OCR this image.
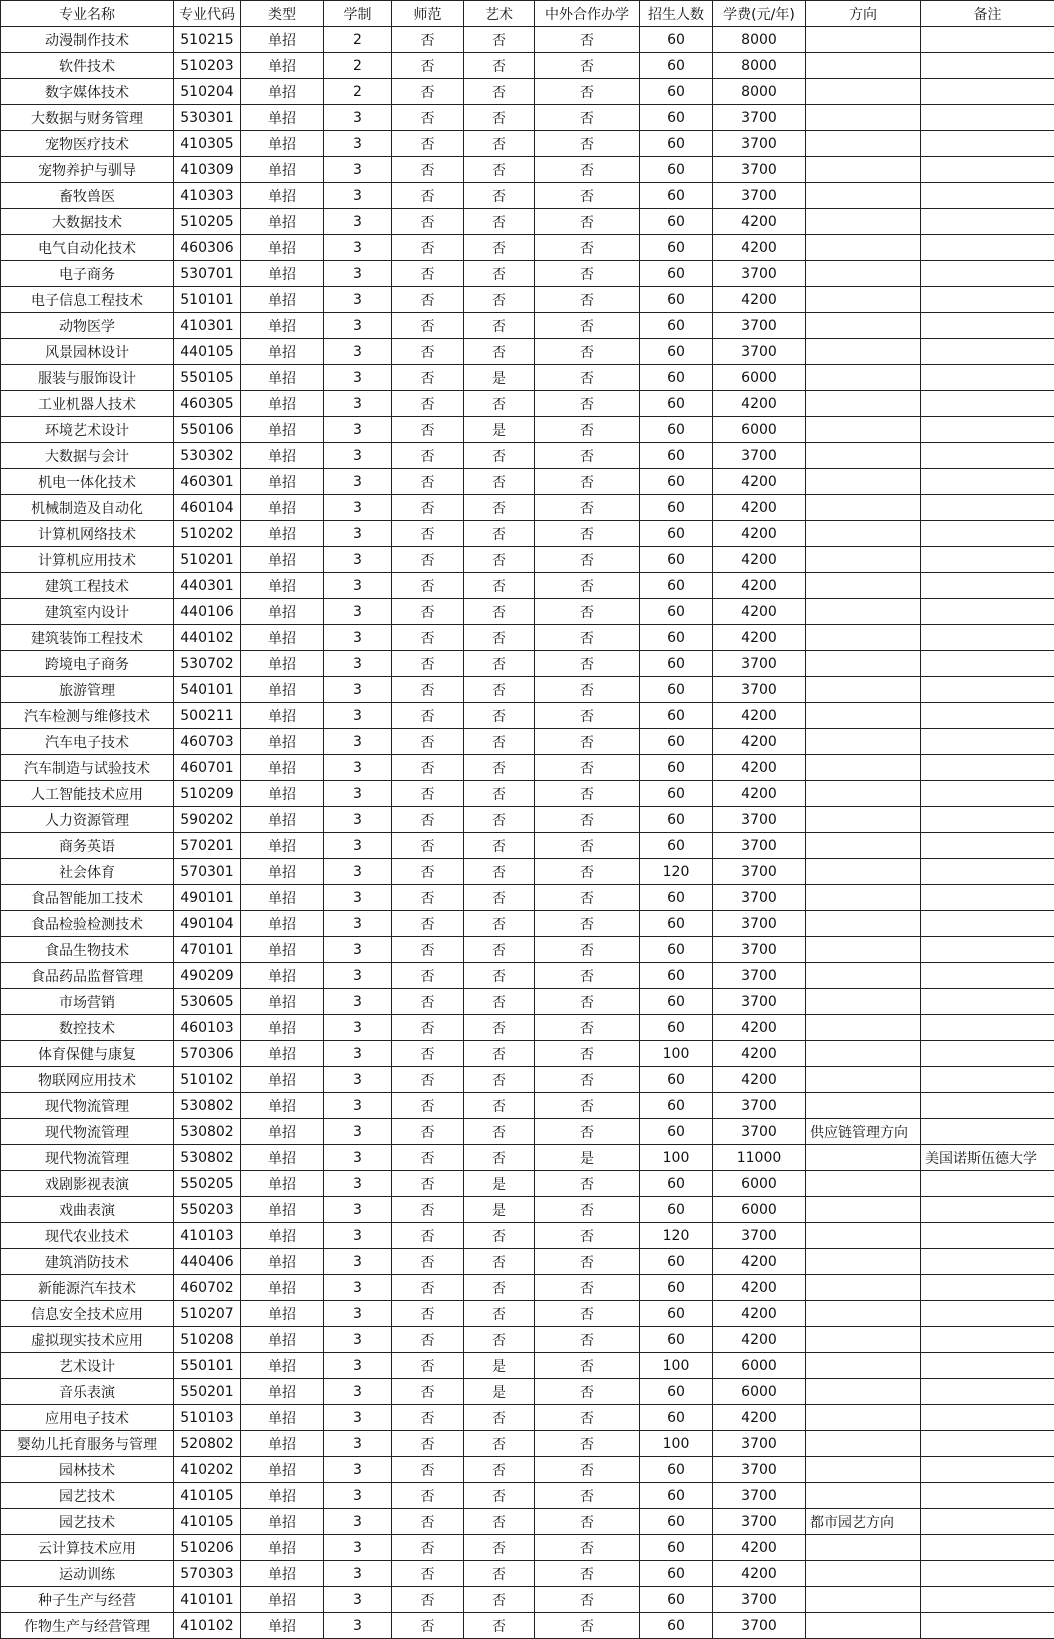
专业名称	专业代码	类型	学制	师范	艺术	中外合作办学	招生人数	学费(元/年)	方向	备注
动漫制作技术	510215	单招	2	否	否	否	60	8000		
软件技术	510203	单招	2	否	否	否	60	8000		
数字媒体技术	510204	单招	2	否	否	否	60	8000		
大数据与财务管理	530301	单招	3	否	否	否	60	3700		
宠物医疗技术	410305	单招	3	否	否	否	60	3700		
宠物养护与驯导	410309	单招	3	否	否	否	60	3700		
畜牧兽医	410303	单招	3	否	否	否	60	3700		
大数据技术	510205	单招	3	否	否	否	60	4200		
电气自动化技术	460306	单招	3	否	否	否	60	4200		
电子商务	530701	单招	3	否	否	否	60	3700		
电子信息工程技术	510101	单招	3	否	否	否	60	4200		
动物医学	410301	单招	3	否	否	否	60	3700		
风景园林设计	440105	单招	3	否	否	否	60	3700		
服装与服饰设计	550105	单招	3	否	是	否	60	6000		
工业机器人技术	460305	单招	3	否	否	否	60	4200		
环境艺术设计	550106	单招	3	否	是	否	60	6000		
大数据与会计	530302	单招	3	否	否	否	60	3700		
机电一体化技术	460301	单招	3	否	否	否	60	4200		
机械制造及自动化	460104	单招	3	否	否	否	60	4200		
计算机网络技术	510202	单招	3	否	否	否	60	4200		
计算机应用技术	510201	单招	3	否	否	否	60	4200		
建筑工程技术	440301	单招	3	否	否	否	60	4200		
建筑室内设计	440106	单招	3	否	否	否	60	4200		
建筑装饰工程技术	440102	单招	3	否	否	否	60	4200		
跨境电子商务	530702	单招	3	否	否	否	60	3700		
旅游管理	540101	单招	3	否	否	否	60	3700		
汽车检测与维修技术	500211	单招	3	否	否	否	60	4200		
汽车电子技术	460703	单招	3	否	否	否	60	4200		
汽车制造与试验技术	460701	单招	3	否	否	否	60	4200		
人工智能技术应用	510209	单招	3	否	否	否	60	4200		
人力资源管理	590202	单招	3	否	否	否	60	3700		
商务英语	570201	单招	3	否	否	否	60	3700		
社会体育	570301	单招	3	否	否	否	120	3700		
食品智能加工技术	490101	单招	3	否	否	否	60	3700		
食品检验检测技术	490104	单招	3	否	否	否	60	3700		
食品生物技术	470101	单招	3	否	否	否	60	3700		
食品药品监督管理	490209	单招	3	否	否	否	60	3700		
市场营销	530605	单招	3	否	否	否	60	3700		
数控技术	460103	单招	3	否	否	否	60	4200		
体育保健与康复	570306	单招	3	否	否	否	100	4200		
物联网应用技术	510102	单招	3	否	否	否	60	4200		
现代物流管理	530802	单招	3	否	否	否	60	3700		
现代物流管理	530802	单招	3	否	否	否	60	3700	供应链管理方向	
现代物流管理	530802	单招	3	否	否	是	100	11000		美国诺斯伍德大学
戏剧影视表演	550205	单招	3	否	是	否	60	6000		
戏曲表演	550203	单招	3	否	是	否	60	6000		
现代农业技术	410103	单招	3	否	否	否	120	3700		
建筑消防技术	440406	单招	3	否	否	否	60	4200		
新能源汽车技术	460702	单招	3	否	否	否	60	4200		
信息安全技术应用	510207	单招	3	否	否	否	60	4200		
虚拟现实技术应用	510208	单招	3	否	否	否	60	4200		
艺术设计	550101	单招	3	否	是	否	100	6000		
音乐表演	550201	单招	3	否	是	否	60	6000		
应用电子技术	510103	单招	3	否	否	否	60	4200		
婴幼儿托育服务与管理	520802	单招	3	否	否	否	100	3700		
园林技术	410202	单招	3	否	否	否	60	3700		
园艺技术	410105	单招	3	否	否	否	60	3700		
园艺技术	410105	单招	3	否	否	否	60	3700	都市园艺方向	
云计算技术应用	510206	单招	3	否	否	否	60	4200		
运动训练	570303	单招	3	否	否	否	60	4200		
种子生产与经营	410101	单招	3	否	否	否	60	3700		
作物生产与经营管理	410102	单招	3	否	否	否	60	3700		
